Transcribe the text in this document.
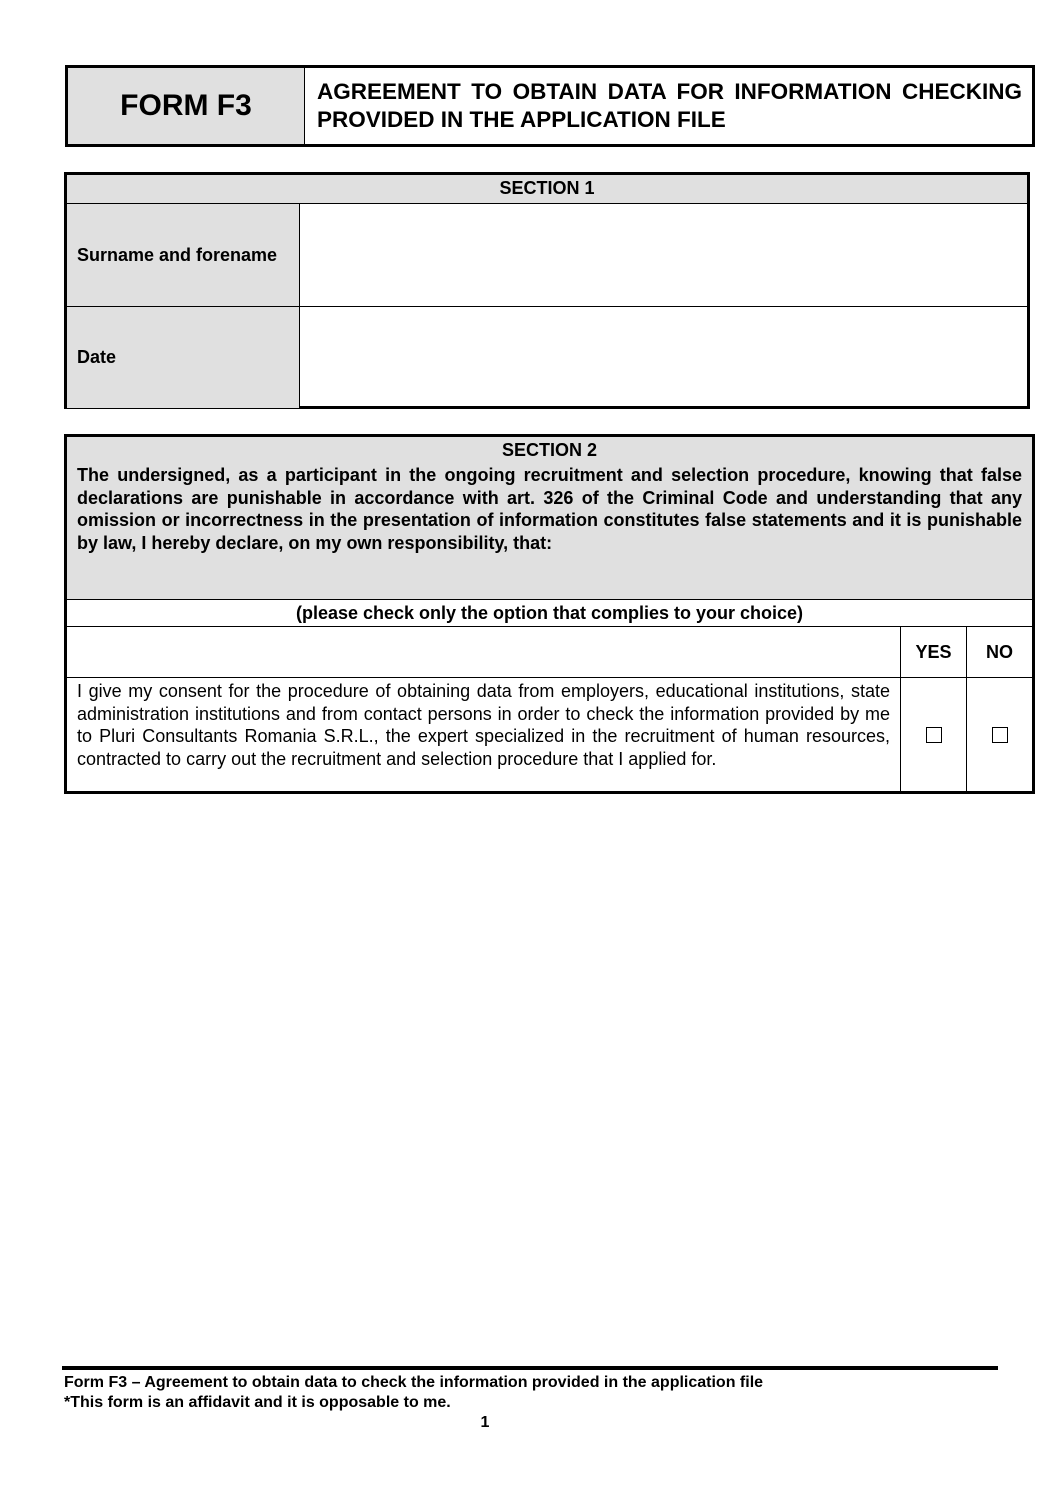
FORM F3	AGREEMENT TO OBTAIN DATA FOR INFORMATION CHECKING PROVIDED IN THE APPLICATION FILE
SECTION 1
Surname and forename
Date
SECTION 2
The undersigned, as a participant in the ongoing recruitment and selection procedure, knowing that false declarations are punishable in accordance with art. 326 of the Criminal Code and understanding that any omission or incorrectness in the presentation of information constitutes false statements and it is punishable by law, I hereby declare, on my own responsibility, that:
(please check only the option that complies to your choice)
YES	NO
I give my consent for the procedure of obtaining data from employers, educational institutions, state administration institutions and from contact persons in order to check the information provided by me to Pluri Consultants Romania S.R.L., the expert specialized in the recruitment of human resources, contracted to carry out the recruitment and selection procedure that I applied for.
Form F3 – Agreement to obtain data to check the information provided in the application file
*This form is an affidavit and it is opposable to me.
1
